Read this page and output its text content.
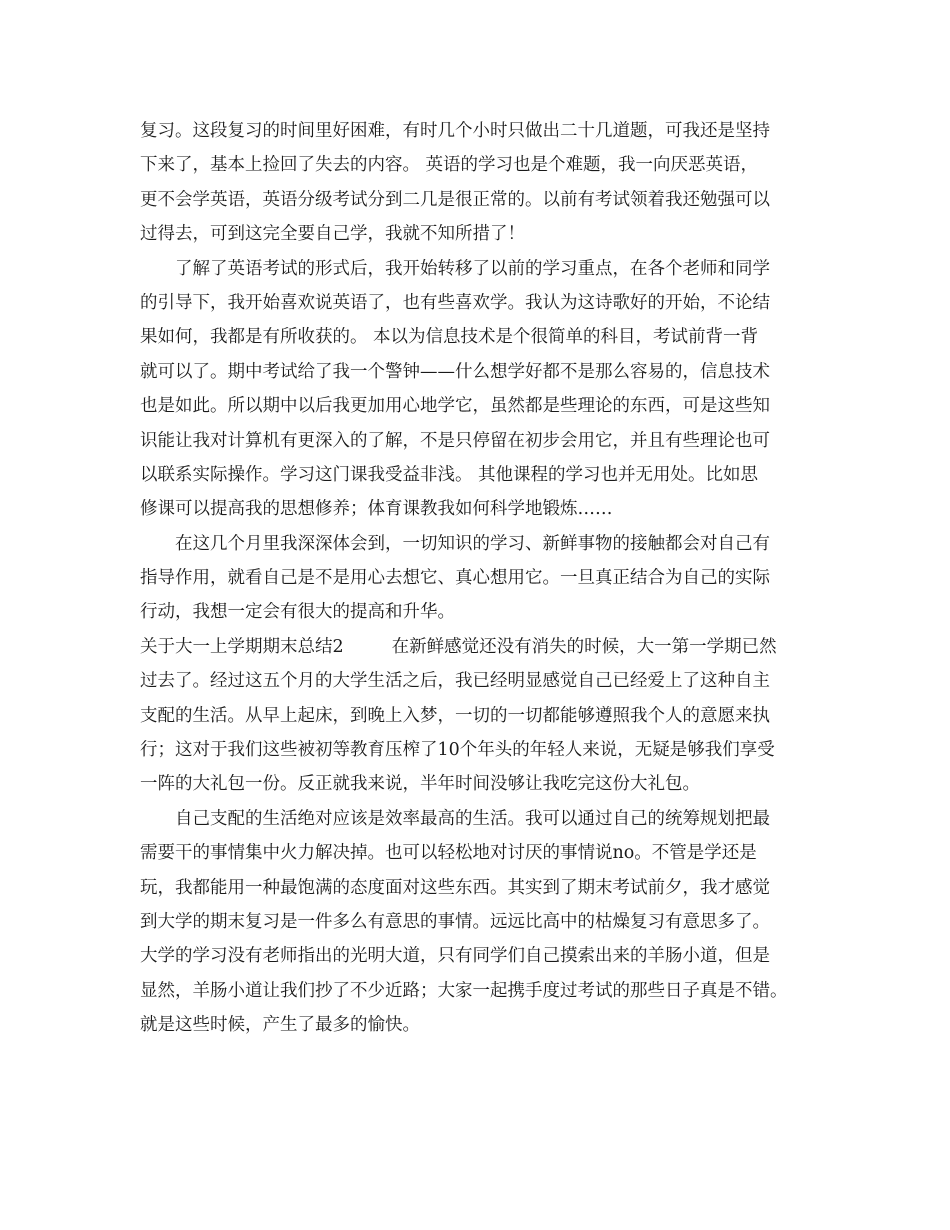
复习。这段复习的时间里好困难，有时几个小时只做出二十几道题，可我还是坚持
下来了，基本上捡回了失去的内容。 英语的学习也是个难题，我一向厌恶英语，
更不会学英语，英语分级考试分到二几是很正常的。以前有考试领着我还勉强可以
过得去，可到这完全要自己学，我就不知所措了！
了解了英语考试的形式后，我开始转移了以前的学习重点，在各个老师和同学
的引导下，我开始喜欢说英语了，也有些喜欢学。我认为这诗歌好的开始，不论结
果如何，我都是有所收获的。 本以为信息技术是个很简单的科目，考试前背一背
就可以了。期中考试给了我一个警钟——什么想学好都不是那么容易的，信息技术
也是如此。所以期中以后我更加用心地学它，虽然都是些理论的东西，可是这些知
识能让我对计算机有更深入的了解，不是只停留在初步会用它，并且有些理论也可
以联系实际操作。学习这门课我受益非浅。 其他课程的学习也并无用处。比如思
修课可以提高我的思想修养；体育课教我如何科学地锻炼……
在这几个月里我深深体会到，一切知识的学习、新鲜事物的接触都会对自己有
指导作用，就看自己是不是用心去想它、真心想用它。一旦真正结合为自己的实际
行动，我想一定会有很大的提高和升华。
关于大一上学期期末总结2	在新鲜感觉还没有消失的时候，大一第一学期已然
过去了。经过这五个月的大学生活之后，我已经明显感觉自己已经爱上了这种自主
支配的生活。从早上起床，到晚上入梦，一切的一切都能够遵照我个人的意愿来执
行；这对于我们这些被初等教育压榨了10个年头的年轻人来说，无疑是够我们享受
一阵的大礼包一份。反正就我来说，半年时间没够让我吃完这份大礼包。
自己支配的生活绝对应该是效率最高的生活。我可以通过自己的统筹规划把最
需要干的事情集中火力解决掉。也可以轻松地对讨厌的事情说no。不管是学还是
玩，我都能用一种最饱满的态度面对这些东西。其实到了期末考试前夕，我才感觉
到大学的期末复习是一件多么有意思的事情。远远比高中的枯燥复习有意思多了。
大学的学习没有老师指出的光明大道，只有同学们自己摸索出来的羊肠小道，但是
显然，羊肠小道让我们抄了不少近路；大家一起携手度过考试的那些日子真是不错。
就是这些时候，产生了最多的愉快。
